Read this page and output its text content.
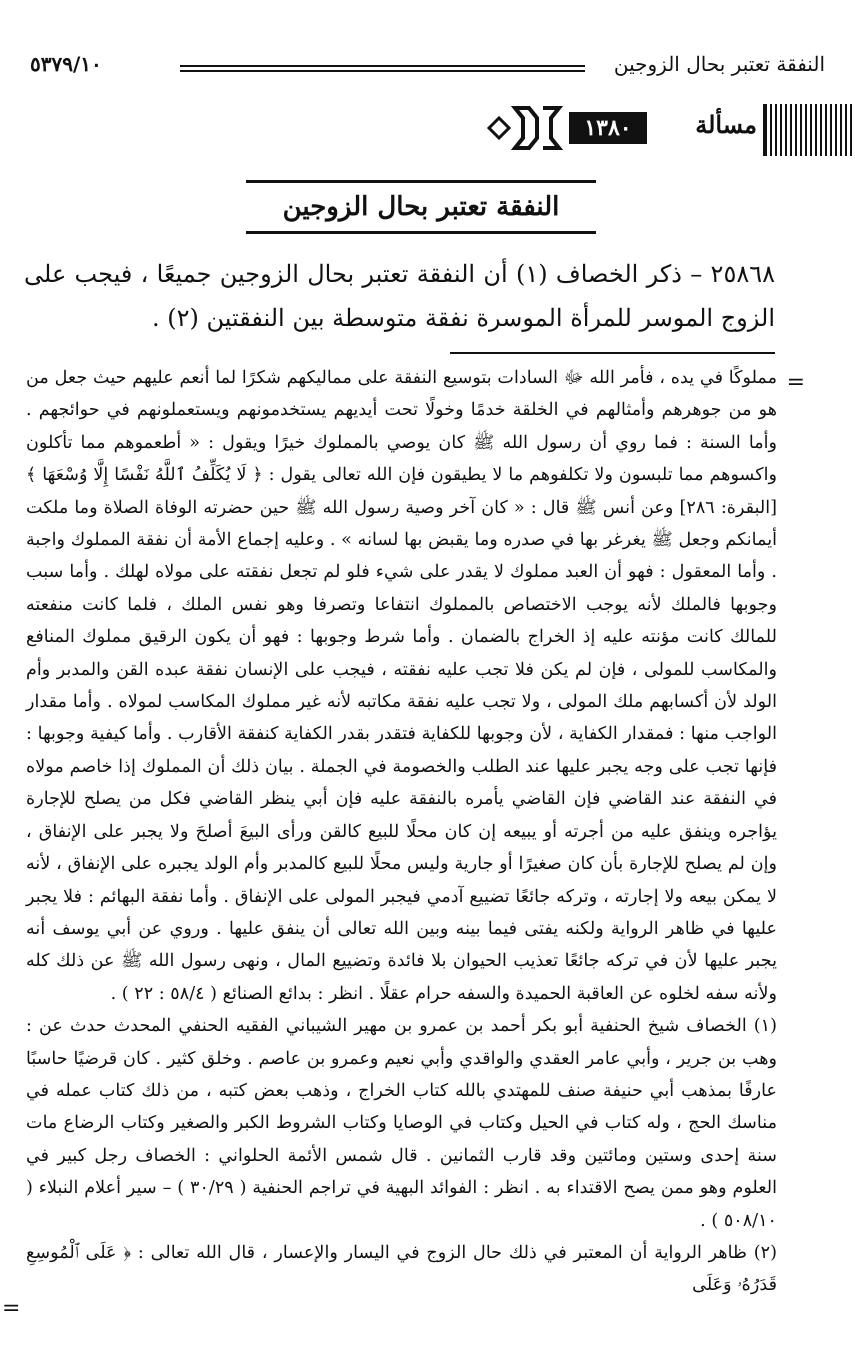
النفقة تعتبر بحال الزوجين
٥٣٧٩/١٠
مسألة
١٣٨٠
النفقة تعتبر بحال الزوجين
٢٥٨٦٨ – ذكر الخصاف (١) أن النفقة تعتبر بحال الزوجين جميعًا ، فيجب على الزوج الموسر للمرأة الموسرة نفقة متوسطة بين النفقتين (٢) .
=

مملوكًا في يده ، فأمر الله ﷻ السادات بتوسيع النفقة على مماليكهم شكرًا لما أنعم عليهم حيث جعل من هو من جوهرهم وأمثالهم في الخلقة خدمًا وخولًا تحت أيديهم يستخدمونهم ويستعملونهم في حوائجهم . وأما السنة : فما روي أن رسول الله ﷺ كان يوصي بالمملوك خيرًا ويقول : « أطعموهم مما تأكلون واكسوهم مما تلبسون ولا تكلفوهم ما لا يطيقون فإن الله تعالى يقول : ﴿ لَا يُكَلِّفُ ٱللَّهُ نَفْسًا إِلَّا وُسْعَهَا ﴾ [البقرة: ٢٨٦] وعن أنس ﷺ قال : « كان آخر وصية رسول الله ﷺ حين حضرته الوفاة الصلاة وما ملكت أيمانكم وجعل ﷺ يغرغر بها في صدره وما يقبض بها لسانه » . وعليه إجماع الأمة أن نفقة المملوك واجبة . وأما المعقول : فهو أن العبد مملوك لا يقدر على شيء فلو لم تجعل نفقته على مولاه لهلك . وأما سبب وجوبها فالملك لأنه يوجب الاختصاص بالمملوك انتفاعا وتصرفا وهو نفس الملك ، فلما كانت منفعته للمالك كانت مؤنته عليه إذ الخراج بالضمان . وأما شرط وجوبها : فهو أن يكون الرقيق مملوك المنافع والمكاسب للمولى ، فإن لم يكن فلا تجب عليه نفقته ، فيجب على الإنسان نفقة عبده القن والمدبر وأم الولد لأن أكسابهم ملك المولى ، ولا تجب عليه نفقة مكاتبه لأنه غير مملوك المكاسب لمولاه . وأما مقدار الواجب منها : فمقدار الكفاية ، لأن وجوبها للكفاية فتقدر بقدر الكفاية كنفقة الأقارب . وأما كيفية وجوبها : فإنها تجب على وجه يجبر عليها عند الطلب والخصومة في الجملة . بيان ذلك أن المملوك إذا خاصم مولاه في النفقة عند القاضي فإن القاضي يأمره بالنفقة عليه فإن أبي ينظر القاضي فكل من يصلح للإجارة يؤاجره وينفق عليه من أجرته أو يبيعه إن كان محلًا للبيع كالقن ورأى البيعَ أصلحَ ولا يجبر على الإنفاق ، وإن لم يصلح للإجارة بأن كان صغيرًا أو جارية وليس محلًا للبيع كالمدبر وأم الولد يجبره على الإنفاق ، لأنه لا يمكن بيعه ولا إجارته ، وتركه جائعًا تضييع آدمي فيجبر المولى على الإنفاق . وأما نفقة البهائم : فلا يجبر عليها في ظاهر الرواية ولكنه يفتى فيما بينه وبين الله تعالى أن ينفق عليها . وروي عن أبي يوسف أنه يجبر عليها لأن في تركه جائعًا تعذيب الحيوان بلا فائدة وتضييع المال ، ونهى رسول الله ﷺ عن ذلك كله ولأنه سفه لخلوه عن العاقبة الحميدة والسفه حرام عقلًا . انظر : بدائع الصنائع ( ٥٨/٤ : ٢٢ ) .

(١) الخصاف شيخ الحنفية أبو بكر أحمد بن عمرو بن مهير الشيباني الفقيه الحنفي المحدث حدث عن : وهب بن جرير ، وأبي عامر العقدي والواقدي وأبي نعيم وعمرو بن عاصم . وخلق كثير . كان قرضيًا حاسبًا عارفًا بمذهب أبي حنيفة صنف للمهتدي بالله كتاب الخراج ، وذهب بعض كتبه ، من ذلك كتاب عمله في مناسك الحج ، وله كتاب في الحيل وكتاب في الوصايا وكتاب الشروط الكبر والصغير وكتاب الرضاع مات سنة إحدى وستين ومائتين وقد قارب الثمانين . قال شمس الأئمة الحلواني : الخصاف رجل كبير في العلوم وهو ممن يصح الاقتداء به . انظر : الفوائد البهية في تراجم الحنفية ( ٣٠/٢٩ ) – سير أعلام النبلاء ( ٥٠٨/١٠ ) .

(٢) ظاهر الرواية أن المعتبر في ذلك حال الزوج في اليسار والإعسار ، قال الله تعالى : ﴿ عَلَى ٱلْمُوسِعِ قَدَرُهُۥ وَعَلَى

=
